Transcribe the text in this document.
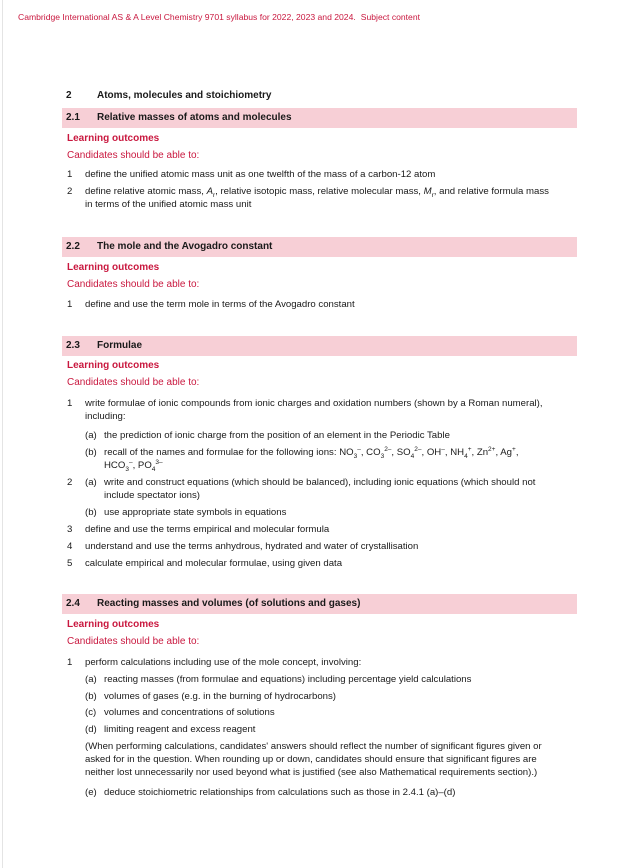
Cambridge International AS & A Level Chemistry 9701 syllabus for 2022, 2023 and 2024. Subject content
2	Atoms, molecules and stoichiometry
2.1 Relative masses of atoms and molecules
Learning outcomes
Candidates should be able to:
1 define the unified atomic mass unit as one twelfth of the mass of a carbon-12 atom
2 define relative atomic mass, $A_r$, relative isotopic mass, relative molecular mass, $M_r$, and relative formula mass
in terms of the unified atomic mass unit
2.2 The mole and the Avogadro constant
Learning outcomes
Candidates should be able to:
1 define and use the term mole in terms of the Avogadro constant
2.3 Formulae
Learning outcomes
Candidates should be able to:
1 write formulae of ionic compounds from ionic charges and oxidation numbers (shown by a Roman numeral),
including:
(a) the prediction of ionic charge from the position of an element in the Periodic Table
(b) recall of the names and formulae for the following ions: $NO_3^-$, $CO_3^{2-}$, $SO_4^{2-}$, OH–, $NH_4^+$, $Zn^{2+}$, Ag+,
$HCO_3^-$, $PO_4^{3-}$
2 (a) write and construct equations (which should be balanced), including ionic equations (which should not
include spectator ions)
(b) use appropriate state symbols in equations
3 define and use the terms empirical and molecular formula
4 understand and use the terms anhydrous, hydrated and water of crystallisation
5 calculate empirical and molecular formulae, using given data
2.4 Reacting masses and volumes (of solutions and gases)
Learning outcomes
Candidates should be able to:
1 perform calculations including use of the mole concept, involving:
(a) reacting masses (from formulae and equations) including percentage yield calculations
(b) volumes of gases (e.g. in the burning of hydrocarbons)
(c) volumes and concentrations of solutions
(d) limiting reagent and excess reagent
(When performing calculations, candidates' answers should reflect the number of significant figures given or
asked for in the question. When rounding up or down, candidates should ensure that significant figures are
neither lost unnecessarily nor used beyond what is justified (see also Mathematical requirements section).)
(e) deduce stoichiometric relationships from calculations such as those in 2.4.1 (a)–(d)
